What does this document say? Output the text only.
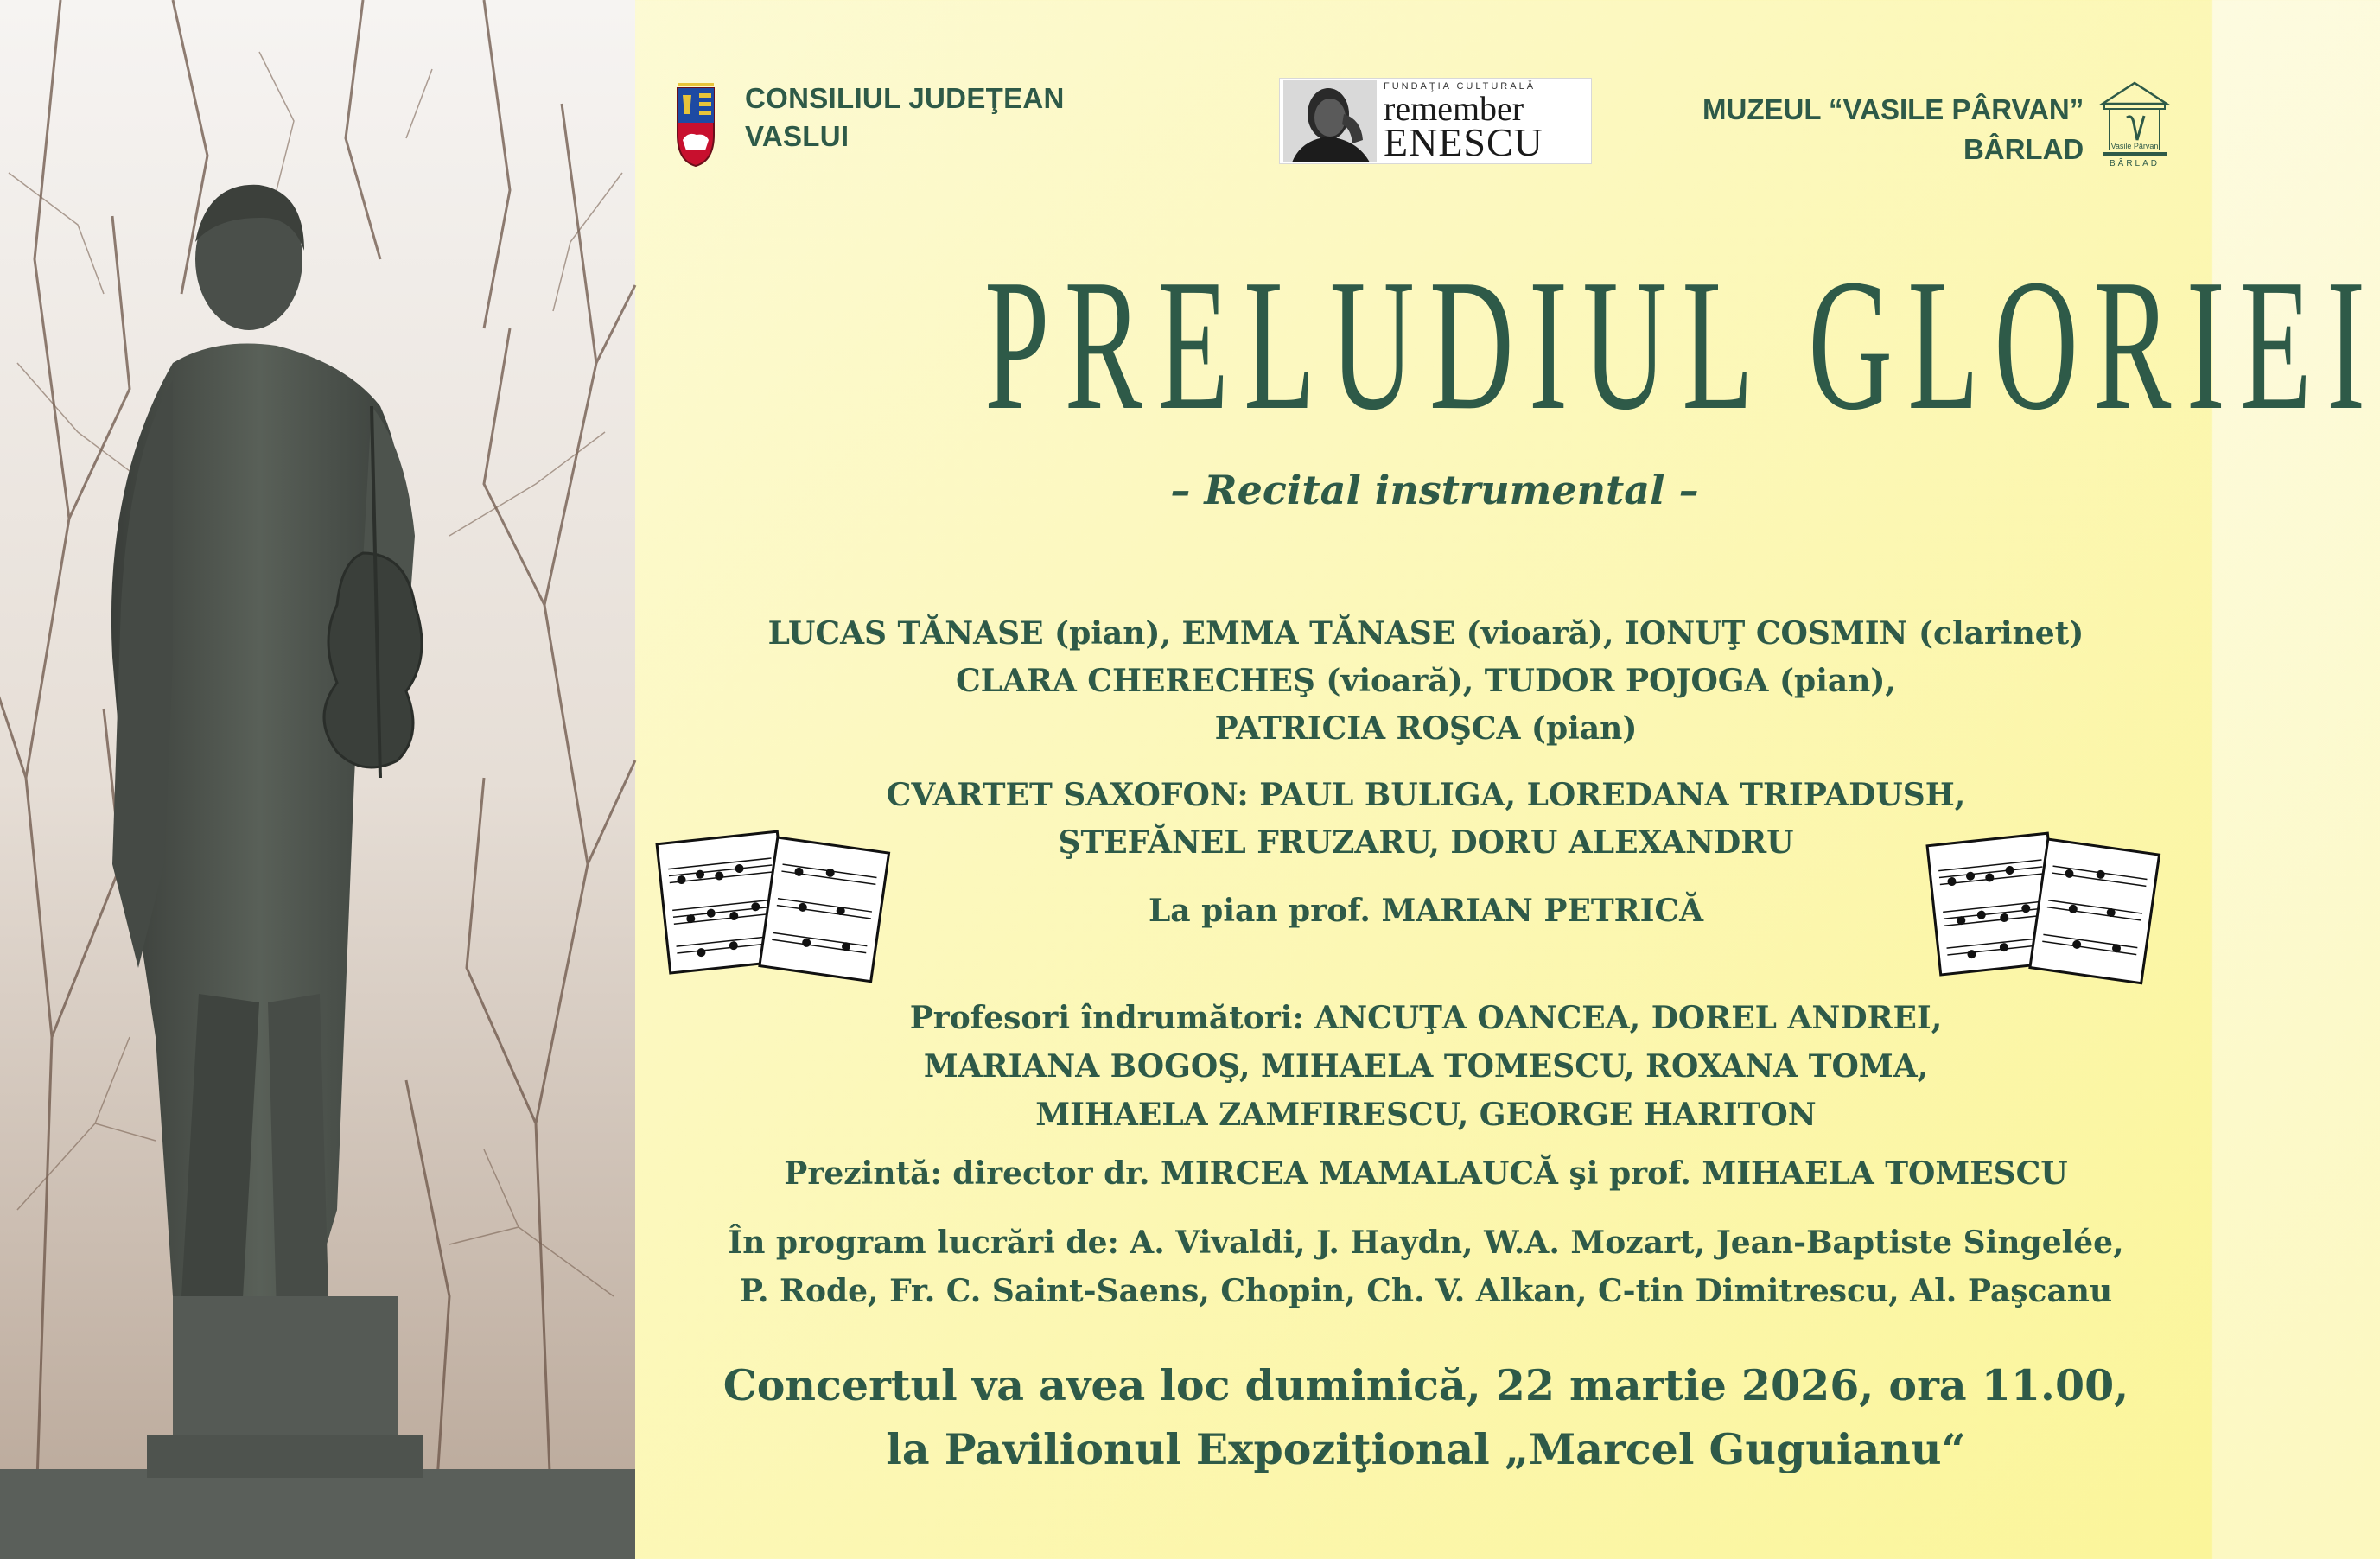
CONSILIUL JUDEŢEAN
VASLUI
FUNDAŢIA CULTURALĂ
remember
ENESCU
MUZEUL “VASILE PÂRVAN”
BÂRLAD	Vasile Pârvan
BÂRLAD
PRELUDIUL GLORIEI
– Recital instrumental –
LUCAS TĂNASE (pian), EMMA TĂNASE (vioară), IONUŢ COSMIN (clarinet)
CLARA CHERECHEŞ (vioară), TUDOR POJOGA (pian),
PATRICIA ROŞCA (pian)
CVARTET SAXOFON: PAUL BULIGA, LOREDANA TRIPADUSH,
ŞTEFĂNEL FRUZARU, DORU ALEXANDRU
La pian prof. MARIAN PETRICĂ
Profesori îndrumători: ANCUŢA OANCEA, DOREL ANDREI,
MARIANA BOGOŞ, MIHAELA TOMESCU, ROXANA TOMA,
MIHAELA ZAMFIRESCU, GEORGE HARITON
Prezintă: director dr. MIRCEA MAMALAUCĂ şi prof. MIHAELA TOMESCU
În program lucrări de: A. Vivaldi, J. Haydn, W.A. Mozart, Jean-Baptiste Singelée,
P. Rode, Fr. C. Saint-Saens, Chopin, Ch. V. Alkan, C-tin Dimitrescu, Al. Paşcanu
Concertul va avea loc duminică, 22 martie 2026, ora 11.00,
la Pavilionul Expoziţional „Marcel Guguianu“
